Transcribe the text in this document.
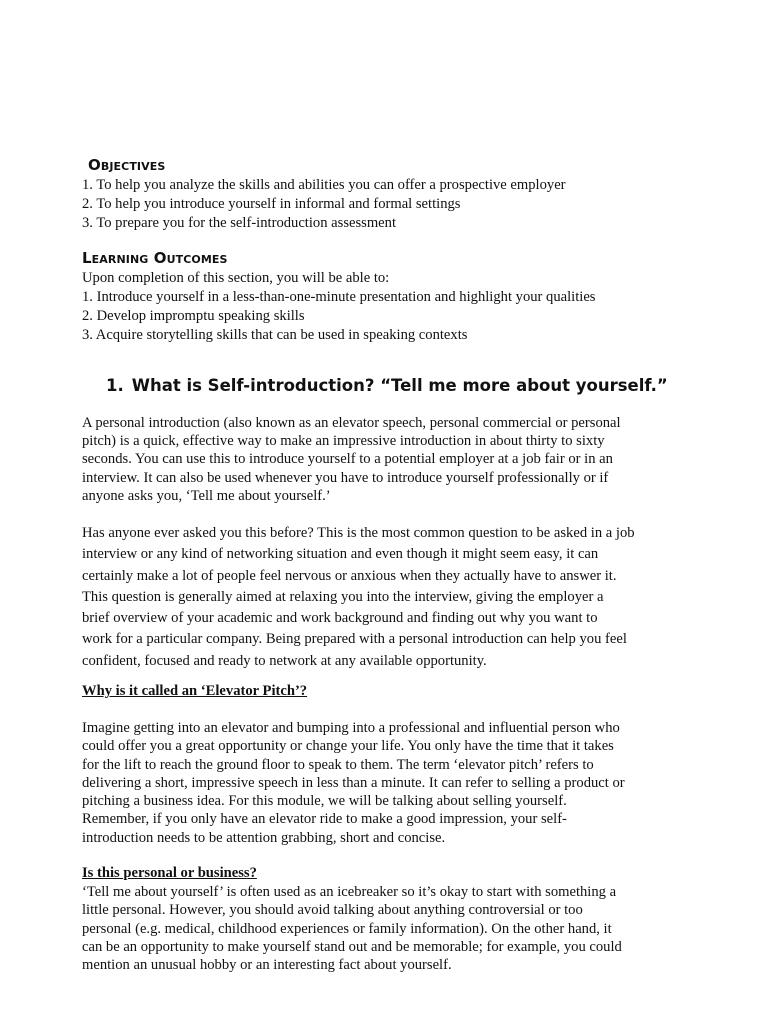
Objectives

1. To help you analyze the skills and abilities you can offer a prospective employer

2. To help you introduce yourself in informal and formal settings

3. To prepare you for the self-introduction assessment

Learning Outcomes

Upon completion of this section, you will be able to:

1. Introduce yourself in a less-than-one-minute presentation and highlight your qualities

2. Develop impromptu speaking skills

3. Acquire storytelling skills that can be used in speaking contexts

1. What is Self-introduction? “Tell me more about yourself.”

A personal introduction (also known as an elevator speech, personal commercial or personal

pitch) is a quick, effective way to make an impressive introduction in about thirty to sixty

seconds. You can use this to introduce yourself to a potential employer at a job fair or in an

interview. It can also be used whenever you have to introduce yourself professionally or if

anyone asks you, ‘Tell me about yourself.’

Has anyone ever asked you this before? This is the most common question to be asked in a job

interview or any kind of networking situation and even though it might seem easy, it can

certainly make a lot of people feel nervous or anxious when they actually have to answer it.

This question is generally aimed at relaxing you into the interview, giving the employer a

brief overview of your academic and work background and finding out why you want to

work for a particular company. Being prepared with a personal introduction can help you feel

confident, focused and ready to network at any available opportunity.

Why is it called an ‘Elevator Pitch’?

Imagine getting into an elevator and bumping into a professional and influential person who

could offer you a great opportunity or change your life. You only have the time that it takes

for the lift to reach the ground floor to speak to them. The term ‘elevator pitch’ refers to

delivering a short, impressive speech in less than a minute. It can refer to selling a product or

pitching a business idea. For this module, we will be talking about selling yourself.

Remember, if you only have an elevator ride to make a good impression, your self-

introduction needs to be attention grabbing, short and concise.

Is this personal or business?

‘Tell me about yourself’ is often used as an icebreaker so it’s okay to start with something a

little personal. However, you should avoid talking about anything controversial or too

personal (e.g. medical, childhood experiences or family information). On the other hand, it

can be an opportunity to make yourself stand out and be memorable; for example, you could

mention an unusual hobby or an interesting fact about yourself.
